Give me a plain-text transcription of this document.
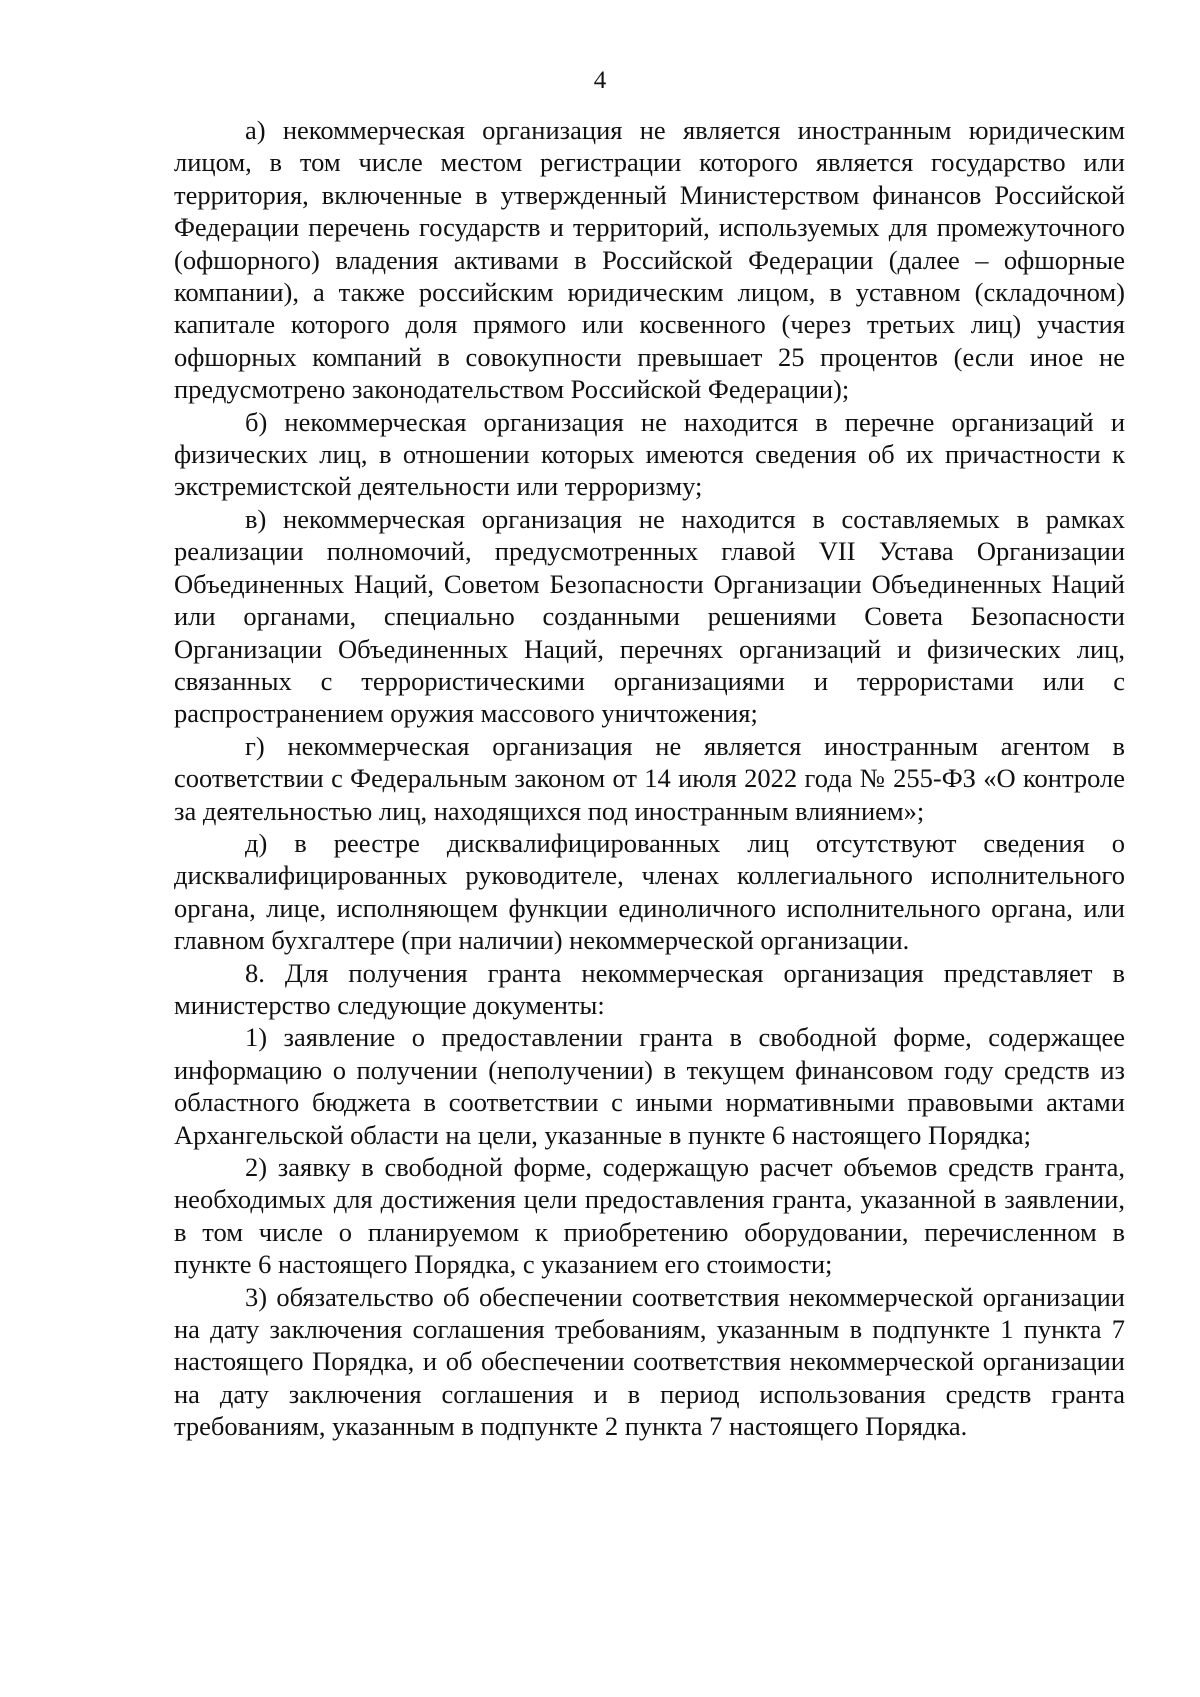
4

а) некоммерческая организация не является иностранным юридическим лицом, в том числе местом регистрации которого является государство или территория, включенные в утвержденный Министерством финансов Российской Федерации перечень государств и территорий, используемых для промежуточного (офшорного) владения активами в Российской Федерации (далее – офшорные компании), а также российским юридическим лицом, в уставном (складочном) капитале которого доля прямого или косвенного (через третьих лиц) участия офшорных компаний в совокупности превышает 25 процентов (если иное не предусмотрено законодательством Российской Федерации);

б) некоммерческая организация не находится в перечне организаций и физических лиц, в отношении которых имеются сведения об их причастности к экстремистской деятельности или терроризму;

в) некоммерческая организация не находится в составляемых в рамках реализации полномочий, предусмотренных главой VII Устава Организации Объединенных Наций, Советом Безопасности Организации Объединенных Наций или органами, специально созданными решениями Совета Безопасности Организации Объединенных Наций, перечнях организаций и физических лиц, связанных с террористическими организациями и террористами или с распространением оружия массового уничтожения;

г) некоммерческая организация не является иностранным агентом в соответствии с Федеральным законом от 14 июля 2022 года № 255-ФЗ «О контроле за деятельностью лиц, находящихся под иностранным влиянием»;

д) в реестре дисквалифицированных лиц отсутствуют сведения о дисквалифицированных руководителе, членах коллегиального исполнительного органа, лице, исполняющем функции единоличного исполнительного органа, или главном бухгалтере (при наличии) некоммерческой организации.

8. Для получения гранта некоммерческая организация представляет в министерство следующие документы:

1) заявление о предоставлении гранта в свободной форме, содержащее информацию о получении (неполучении) в текущем финансовом году средств из областного бюджета в соответствии с иными нормативными правовыми актами Архангельской области на цели, указанные в пункте 6 настоящего Порядка;

2) заявку в свободной форме, содержащую расчет объемов средств гранта, необходимых для достижения цели предоставления гранта, указанной в заявлении, в том числе о планируемом к приобретению оборудовании, перечисленном в пункте 6 настоящего Порядка, с указанием его стоимости;

3) обязательство об обеспечении соответствия некоммерческой организации на дату заключения соглашения требованиям, указанным в подпункте 1 пункта 7 настоящего Порядка, и об обеспечении соответствия некоммерческой организации на дату заключения соглашения и в период использования средств гранта требованиям, указанным в подпункте 2 пункта 7 настоящего Порядка.
